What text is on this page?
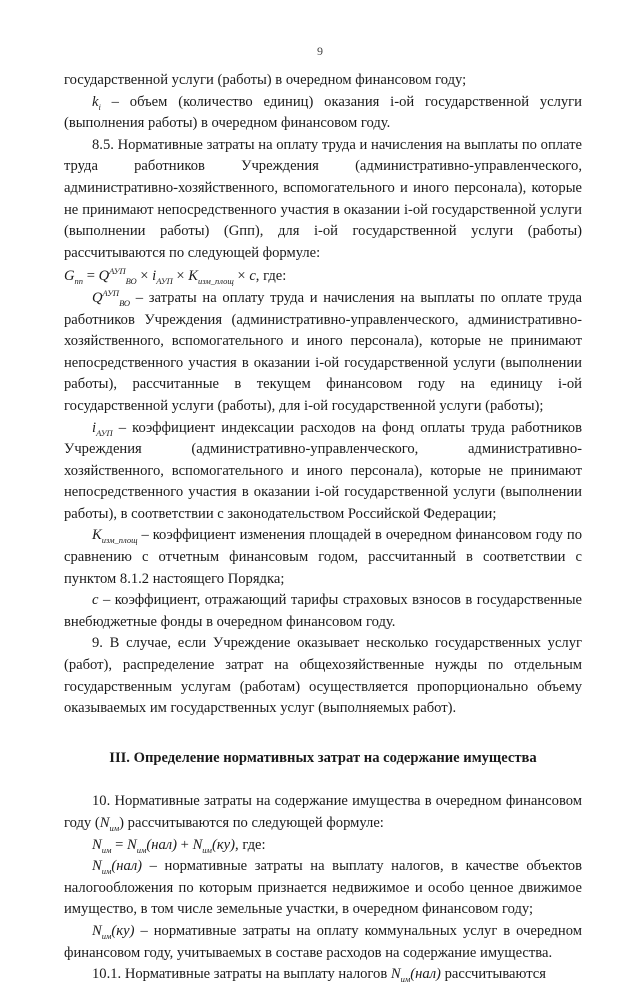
9

государственной услуги (работы) в очередном финансовом году;

$k_i$ – объем (количество единиц) оказания i-ой государственной услуги (выполнения работы) в очередном финансовом году.

8.5. Нормативные затраты на оплату труда и начисления на выплаты по оплате труда работников Учреждения (административно-управленческого, административно-хозяйственного, вспомогательного и иного персонала), которые не принимают непосредственного участия в оказании i-ой государственной услуги (выполнении работы) (Gпп), для i-ой государственной услуги (работы) рассчитываются по следующей формуле:

$G_{пп} = Q^{АУП}_{ВО} \times i_{АУП} \times K_{изм\_площ} \times c$, где:

$Q^{АУП}_{ВО}$ – затраты на оплату труда и начисления на выплаты по оплате труда работников Учреждения (административно-управленческого, административно-хозяйственного, вспомогательного и иного персонала), которые не принимают непосредственного участия в оказании i-ой государственной услуги (выполнении работы), рассчитанные в текущем финансовом году на единицу i-ой государственной услуги (работы), для i-ой государственной услуги (работы);

$i_{АУП}$ – коэффициент индексации расходов на фонд оплаты труда работников Учреждения (административно-управленческого, административно-хозяйственного, вспомогательного и иного персонала), которые не принимают непосредственного участия в оказании i-ой государственной услуги (выполнении работы), в соответствии с законодательством Российской Федерации;

$K_{изм\_площ}$ – коэффициент изменения площадей в очередном финансовом году по сравнению с отчетным финансовым годом, рассчитанный в соответствии с пунктом 8.1.2 настоящего Порядка;

c – коэффициент, отражающий тарифы страховых взносов в государственные внебюджетные фонды в очередном финансовом году.

9. В случае, если Учреждение оказывает несколько государственных услуг (работ), распределение затрат на общехозяйственные нужды по отдельным государственным услугам (работам) осуществляется пропорционально объему оказываемых им государственных услуг (выполняемых работ).

III. Определение нормативных затрат на содержание имущества

10. Нормативные затраты на содержание имущества в очередном финансовом году $(N_{им})$ рассчитываются по следующей формуле:

$N_{им} = N_{им}(нал) + N_{им}(ку)$, где:

$N_{им}(нал)$ – нормативные затраты на выплату налогов, в качестве объектов налогообложения по которым признается недвижимое и особо ценное движимое имущество, в том числе земельные участки, в очередном финансовом году;

$N_{им}(ку)$ – нормативные затраты на оплату коммунальных услуг в очередном финансовом году, учитываемых в составе расходов на содержание имущества.

10.1. Нормативные затраты на выплату налогов $N_{им}(нал)$ рассчитываются
